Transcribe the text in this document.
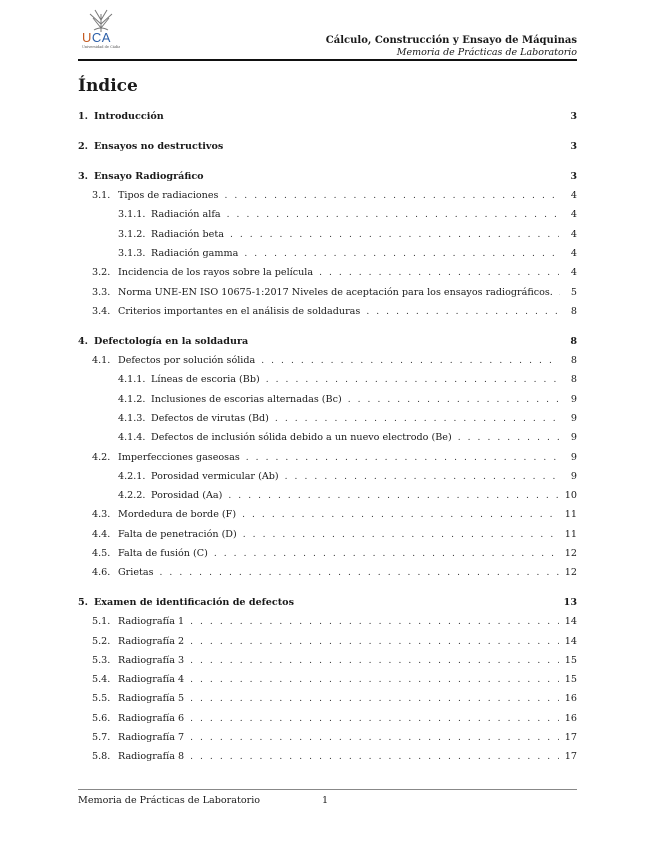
UCA
Universidad de Cádiz
Cálculo, Construcción y Ensayo de Máquinas
Memoria de Prácticas de Laboratorio
Índice
1. Introducción	3
2. Ensayos no destructivos	3
3. Ensayo Radiográfico	3
3.1. Tipos de radiaciones . . .	4
3.1.1. Radiación alfa . . .	4
3.1.2. Radiación beta . . .	4
3.1.3. Radiación gamma . . .	4
3.2. Incidencia de los rayos sobre la película . . .	4
3.3. Norma UNE-EN ISO 10675-1:2017 Niveles de aceptación para los ensayos radiográficos. . . .	5
3.4. Criterios importantes en el análisis de soldaduras . . .	8
4. Defectología en la soldadura	8
4.1. Defectos por solución sólida . . .	8
4.1.1. Líneas de escoria (Bb) . . .	8
4.1.2. Inclusiones de escorias alternadas (Bc) . . .	9
4.1.3. Defectos de virutas (Bd) . . .	9
4.1.4. Defectos de inclusión sólida debido a un nuevo electrodo (Be) . . .	9
4.2. Imperfecciones gaseosas . . .	9
4.2.1. Porosidad vermicular (Ab) . . .	9
4.2.2. Porosidad (Aa) . . .	10
4.3. Mordedura de borde (F) . . .	11
4.4. Falta de penetración (D) . . .	11
4.5. Falta de fusión (C) . . .	12
4.6. Grietas . . .	12
5. Examen de identificación de defectos	13
5.1. Radiografía 1 . . .	14
5.2. Radiografía 2 . . .	14
5.3. Radiografía 3 . . .	15
5.4. Radiografía 4 . . .	15
5.5. Radiografía 5 . . .	16
5.6. Radiografía 6 . . .	16
5.7. Radiografía 7 . . .	17
5.8. Radiografía 8 . . .	17
Memoria de Prácticas de Laboratorio	1
